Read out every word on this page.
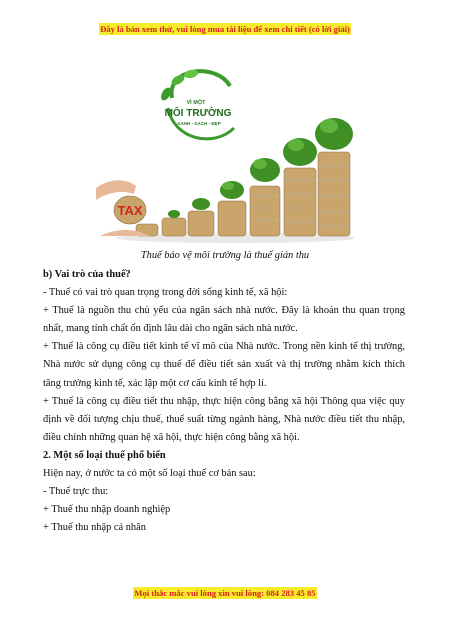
Đây là bản xem thử, vui lòng mua tài liệu để xem chi tiết (có lời giải)
VÌ MỘT
MÔI TRƯỜNG
XANH - SẠCH - ĐẸP
TAX
Thuế bảo vệ môi trường là thuế gián thu

b) Vai trò của thuế?

- Thuế có vai trò quan trọng trong đời sống kinh tế, xã hội:

+ Thuế là nguồn thu chủ yếu của ngân sách nhà nước. Đây là khoản thu quan trọng nhất, mang tính chất ổn định lâu dài cho ngân sách nhà nước.

+ Thuế là công cụ điều tiết kinh tế vĩ mô của Nhà nước. Trong nền kinh tế thị trường, Nhà nước sử dụng công cụ thuế để điều tiết sản xuất và thị trường nhằm kích thích tăng trưởng kinh tế, xác lập một cơ cấu kinh tế hợp lí.

+ Thuế là công cụ điều tiết thu nhập, thực hiện công bằng xã hội Thông qua việc quy định về đối tượng chịu thuế, thuế suất từng ngành hàng, Nhà nước điều tiết thu nhập, điều chỉnh những quan hệ xã hội, thực hiện công bằng xã hội.

2. Một số loại thuế phổ biến

Hiện nay, ở nước ta có một số loại thuế cơ bản sau:

- Thuế trực thu:

+ Thuế thu nhập doanh nghiệp

+ Thuế thu nhập cá nhân

Mọi thắc mắc vui lòng xin vui lòng: 084 283 45 85
